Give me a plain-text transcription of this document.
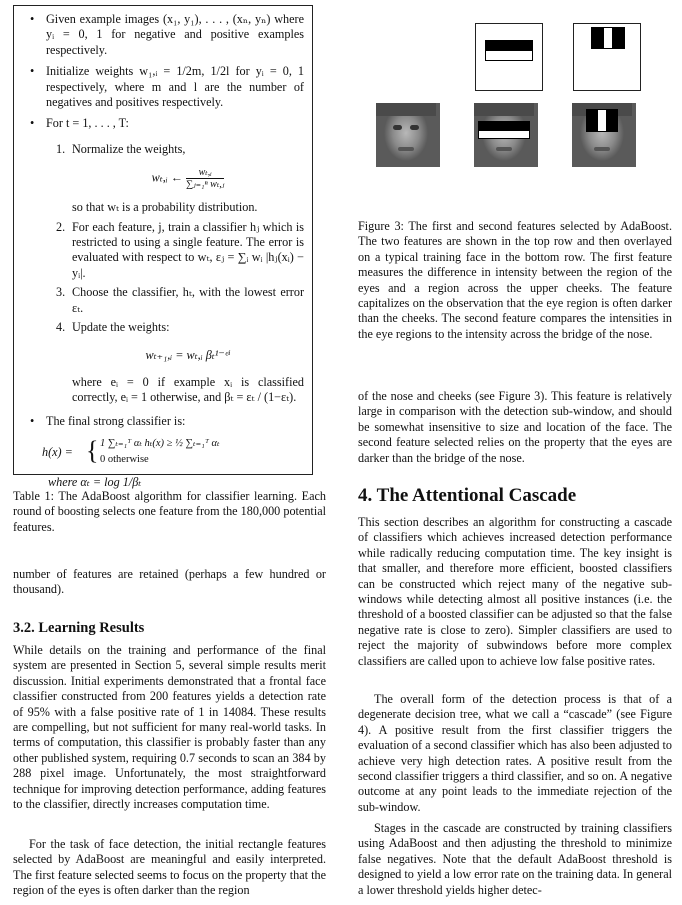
• Given example images (x₁, y₁), . . . , (xₙ, yₙ) where yᵢ = 0, 1 for negative and positive examples respectively.
• Initialize weights w₁,ᵢ = 1/2m, 1/2l for yᵢ = 0, 1 respectively, where m and l are the number of negatives and positives respectively.
• For t = 1, . . . , T:
1. Normalize the weights,
wₜ,ᵢ ← $\frac{\text{wₜ,ᵢ}}{\text{∑ⱼ₌₁ⁿ wₜ,ⱼ}}$
so that wₜ is a probability distribution.
2. For each feature, j, train a classifier hⱼ which is restricted to using a single feature. The error is evaluated with respect to wₜ, εⱼ = ∑ᵢ wᵢ |hⱼ(xᵢ) − yᵢ|.
3. Choose the classifier, hₜ, with the lowest error εₜ.
4. Update the weights:
wₜ₊₁,ᵢ = wₜ,ᵢ βₜ¹⁻ᵉⁱ
where eᵢ = 0 if example xᵢ is classified correctly, eᵢ = 1 otherwise, and βₜ = εₜ / (1−εₜ).
• The final strong classifier is:
h(x) = { 1 ∑ₜ₌₁ᵀ αₜ hₜ(x) ≥ ½ ∑ₜ₌₁ᵀ αₜ
0 otherwise
where αₜ = log 1/βₜ
Table 1: The AdaBoost algorithm for classifier learning. Each round of boosting selects one feature from the 180,000 potential features.
number of features are retained (perhaps a few hundred or thousand).
3.2. Learning Results
While details on the training and performance of the final system are presented in Section 5, several simple results merit discussion. Initial experiments demonstrated that a frontal face classifier constructed from 200 features yields a detection rate of 95% with a false positive rate of 1 in 14084. These results are compelling, but not sufficient for many real-world tasks. In terms of computation, this classifier is probably faster than any other published system, requiring 0.7 seconds to scan an 384 by 288 pixel image. Unfortunately, the most straightforward technique for improving detection performance, adding features to the classifier, directly increases computation time.
For the task of face detection, the initial rectangle features selected by AdaBoost are meaningful and easily interpreted. The first feature selected seems to focus on the property that the region of the eyes is often darker than the region
Figure 3: The first and second features selected by AdaBoost. The two features are shown in the top row and then overlayed on a typical training face in the bottom row. The first feature measures the difference in intensity between the region of the eyes and a region across the upper cheeks. The feature capitalizes on the observation that the eye region is often darker than the cheeks. The second feature compares the intensities in the eye regions to the intensity across the bridge of the nose.
of the nose and cheeks (see Figure 3). This feature is relatively large in comparison with the detection sub-window, and should be somewhat insensitive to size and location of the face. The second feature selected relies on the property that the eyes are darker than the bridge of the nose.
4. The Attentional Cascade
This section describes an algorithm for constructing a cascade of classifiers which achieves increased detection performance while radically reducing computation time. The key insight is that smaller, and therefore more efficient, boosted classifiers can be constructed which reject many of the negative sub-windows while detecting almost all positive instances (i.e. the threshold of a boosted classifier can be adjusted so that the false negative rate is close to zero). Simpler classifiers are used to reject the majority of subwindows before more complex classifiers are called upon to achieve low false positive rates.
The overall form of the detection process is that of a degenerate decision tree, what we call a “cascade” (see Figure 4). A positive result from the first classifier triggers the evaluation of a second classifier which has also been adjusted to achieve very high detection rates. A positive result from the second classifier triggers a third classifier, and so on. A negative outcome at any point leads to the immediate rejection of the sub-window.
Stages in the cascade are constructed by training classifiers using AdaBoost and then adjusting the threshold to minimize false negatives. Note that the default AdaBoost threshold is designed to yield a low error rate on the training data. In general a lower threshold yields higher detec-
